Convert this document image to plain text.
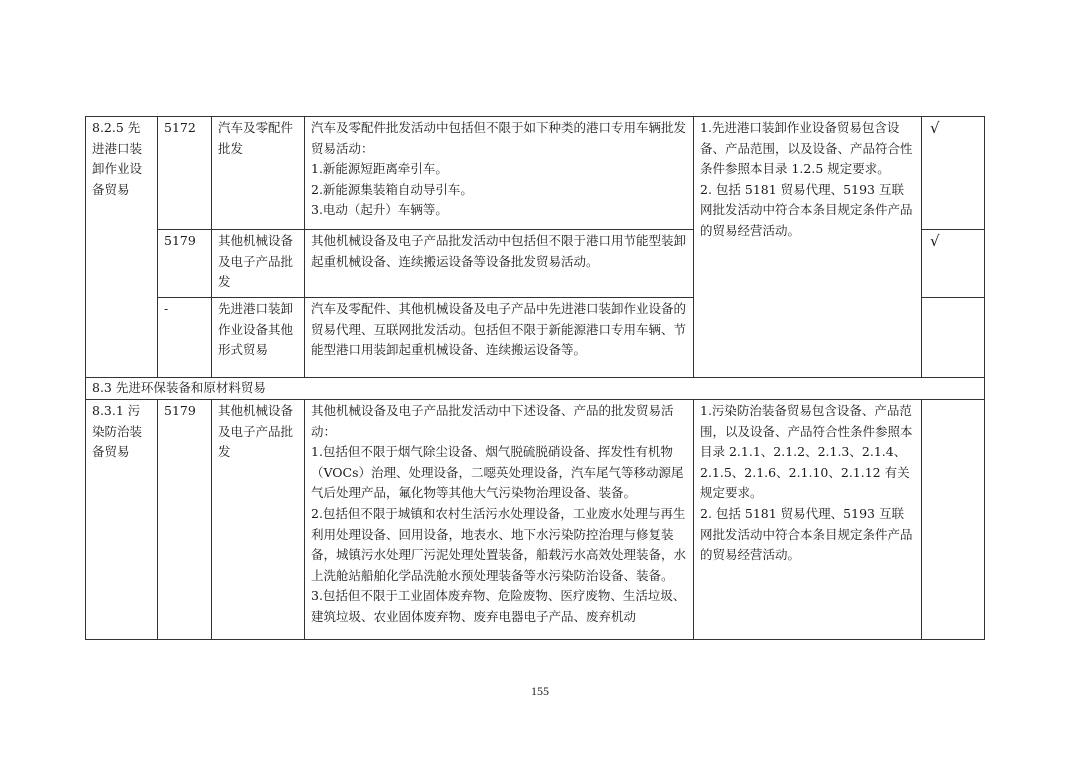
8.2.5 先进港口装卸作业设备贸易	5172	汽车及零配件批发	汽车及零配件批发活动中包括但不限于如下种类的港口专用车辆批发贸易活动：
1.新能源短距离牵引车。
2.新能源集装箱自动导引车。
3.电动（起升）车辆等。	1.先进港口装卸作业设备贸易包含设备、产品范围，以及设备、产品符合性条件参照本目录 1.2.5 规定要求。
2. 包括 5181 贸易代理、5193 互联网批发活动中符合本条目规定条件产品的贸易经营活动。	√
	5179	其他机械设备及电子产品批发	其他机械设备及电子产品批发活动中包括但不限于港口用节能型装卸起重机械设备、连续搬运设备等设备批发贸易活动。		√
	-	先进港口装卸作业设备其他形式贸易	汽车及零配件、其他机械设备及电子产品中先进港口装卸作业设备的贸易代理、互联网批发活动。包括但不限于新能源港口专用车辆、节能型港口用装卸起重机械设备、连续搬运设备等。		

8.3 先进环保装备和原材料贸易					
8.3.1 污染防治装备贸易	5179	其他机械设备及电子产品批发	其他机械设备及电子产品批发活动中下述设备、产品的批发贸易活动：
1.包括但不限于烟气除尘设备、烟气脱硫脱硝设备、挥发性有机物（VOCs）治理、处理设备，二噁英处理设备，汽车尾气等移动源尾气后处理产品，氟化物等其他大气污染物治理设备、装备。
2.包括但不限于城镇和农村生活污水处理设备，工业废水处理与再生利用处理设备、回用设备，地表水、地下水污染防控治理与修复装备，城镇污水处理厂污泥处理处置装备，船载污水高效处理装备，水上洗舱站船舶化学品洗舱水预处理装备等水污染防治设备、装备。
3.包括但不限于工业固体废弃物、危险废物、医疗废物、生活垃圾、建筑垃圾、农业固体废弃物、废弃电器电子产品、废弃机动	1.污染防治装备贸易包含设备、产品范围，以及设备、产品符合性条件参照本目录 2.1.1、2.1.2、2.1.3、2.1.4、2.1.5、2.1.6、2.1.10、2.1.12 有关规定要求。
2. 包括 5181 贸易代理、5193 互联网批发活动中符合本条目规定条件产品的贸易经营活动。	

155
